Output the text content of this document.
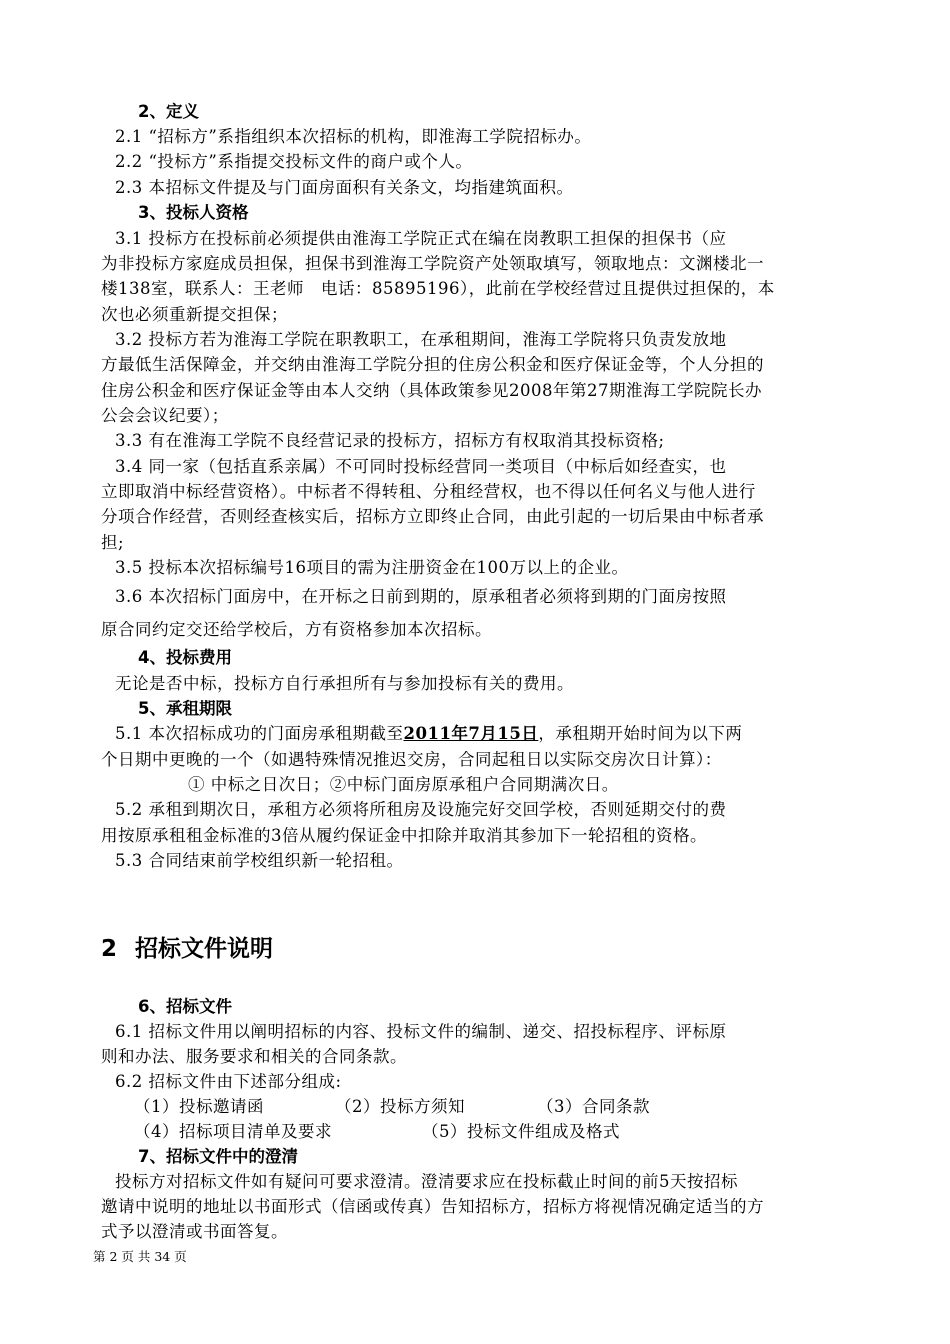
2、定义
2.1 “招标方”系指组织本次招标的机构，即淮海工学院招标办。
2.2 “投标方”系指提交投标文件的商户或个人。
2.3 本招标文件提及与门面房面积有关条文，均指建筑面积。
3、投标人资格
3.1 投标方在投标前必须提供由淮海工学院正式在编在岗教职工担保的担保书（应
为非投标方家庭成员担保，担保书到淮海工学院资产处领取填写，领取地点：文渊楼北一
楼138室，联系人：王老师　电话：85895196），此前在学校经营过且提供过担保的，本
次也必须重新提交担保；
3.2 投标方若为淮海工学院在职教职工，在承租期间，淮海工学院将只负责发放地
方最低生活保障金，并交纳由淮海工学院分担的住房公积金和医疗保证金等，个人分担的
住房公积金和医疗保证金等由本人交纳（具体政策参见2008年第27期淮海工学院院长办
公会会议纪要）；
3.3 有在淮海工学院不良经营记录的投标方，招标方有权取消其投标资格;
3.4 同一家（包括直系亲属）不可同时投标经营同一类项目（中标后如经查实，也
立即取消中标经营资格）。中标者不得转租、分租经营权，也不得以任何名义与他人进行
分项合作经营，否则经查核实后，招标方立即终止合同，由此引起的一切后果由中标者承
担;
3.5 投标本次招标编号16项目的需为注册资金在100万以上的企业。
3.6 本次招标门面房中，在开标之日前到期的，原承租者必须将到期的门面房按照
原合同约定交还给学校后，方有资格参加本次招标。
4、投标费用
无论是否中标，投标方自行承担所有与参加投标有关的费用。
5、承租期限
5.1 本次招标成功的门面房承租期截至2011年7月15日，承租期开始时间为以下两
个日期中更晚的一个（如遇特殊情况推迟交房，合同起租日以实际交房次日计算）：
① 中标之日次日；②中标门面房原承租户合同期满次日。
5.2 承租到期次日，承租方必须将所租房及设施完好交回学校，否则延期交付的费
用按原承租租金标准的3倍从履约保证金中扣除并取消其参加下一轮招租的资格。
5.3 合同结束前学校组织新一轮招租。
2 招标文件说明
6、招标文件
6.1 招标文件用以阐明招标的内容、投标文件的编制、递交、招投标程序、评标原
则和办法、服务要求和相关的合同条款。
6.2 招标文件由下述部分组成:
（1）投标邀请函	（2）投标方须知	（3）合同条款
（4）招标项目清单及要求	（5）投标文件组成及格式
7、招标文件中的澄清
投标方对招标文件如有疑问可要求澄清。澄清要求应在投标截止时间的前5天按招标
邀请中说明的地址以书面形式（信函或传真）告知招标方，招标方将视情况确定适当的方
式予以澄清或书面答复。
第 2 页 共 34 页
